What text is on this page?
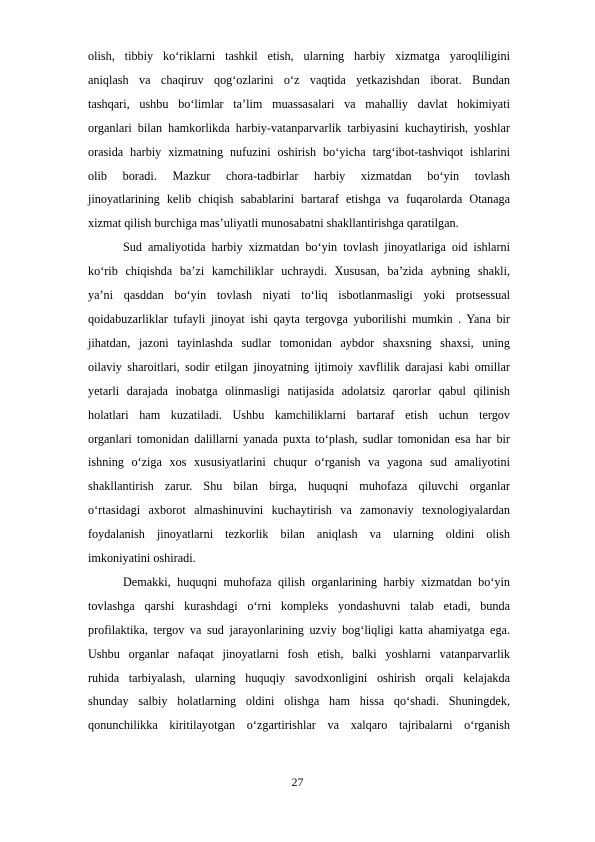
olish, tibbiy ko‘riklarni tashkil etish, ularning harbiy xizmatga yaroqliligini
aniqlash va chaqiruv qog‘ozlarini o‘z vaqtida yetkazishdan iborat. Bundan
tashqari, ushbu bo‘limlar ta’lim muassasalari va mahalliy davlat hokimiyati
organlari bilan hamkorlikda harbiy-vatanparvarlik tarbiyasini kuchaytirish, yoshlar
orasida harbiy xizmatning nufuzini oshirish bo‘yicha targ‘ibot-tashviqot ishlarini
olib boradi. Mazkur chora-tadbirlar harbiy xizmatdan bo‘yin tovlash
jinoyatlarining kelib chiqish sabablarini bartaraf etishga va fuqarolarda Otanaga
xizmat qilish burchiga mas’uliyatli munosabatni shakllantirishga qaratilgan.

Sud amaliyotida harbiy xizmatdan bo‘yin tovlash jinoyatlariga oid ishlarni
ko‘rib chiqishda ba’zi kamchiliklar uchraydi. Xususan, ba’zida aybning shakli,
ya’ni qasddan bo‘yin tovlash niyati to‘liq isbotlanmasligi yoki protsessual
qoidabuzarliklar tufayli jinoyat ishi qayta tergovga yuborilishi mumkin . Yana bir
jihatdan, jazoni tayinlashda sudlar tomonidan aybdor shaxsning shaxsi, uning
oilaviy sharoitlari, sodir etilgan jinoyatning ijtimoiy xavflilik darajasi kabi omillar
yetarli darajada inobatga olinmasligi natijasida adolatsiz qarorlar qabul qilinish
holatlari ham kuzatiladi. Ushbu kamchiliklarni bartaraf etish uchun tergov
organlari tomonidan dalillarni yanada puxta to‘plash, sudlar tomonidan esa har bir
ishning o‘ziga xos xususiyatlarini chuqur o‘rganish va yagona sud amaliyotini
shakllantirish zarur. Shu bilan birga, huquqni muhofaza qiluvchi organlar
o‘rtasidagi axborot almashinuvini kuchaytirish va zamonaviy texnologiyalardan
foydalanish jinoyatlarni tezkorlik bilan aniqlash va ularning oldini olish
imkoniyatini oshiradi.

Demakki, huquqni muhofaza qilish organlarining harbiy xizmatdan bo‘yin
tovlashga qarshi kurashdagi o‘rni kompleks yondashuvni talab etadi, bunda
profilaktika, tergov va sud jarayonlarining uzviy bog‘liqligi katta ahamiyatga ega.
Ushbu organlar nafaqat jinoyatlarni fosh etish, balki yoshlarni vatanparvarlik
ruhida tarbiyalash, ularning huquqiy savodxonligini oshirish orqali kelajakda
shunday salbiy holatlarning oldini olishga ham hissa qo‘shadi. Shuningdek,
qonunchilikka kiritilayotgan o‘zgartirishlar va xalqaro tajribalarni o‘rganish

27
